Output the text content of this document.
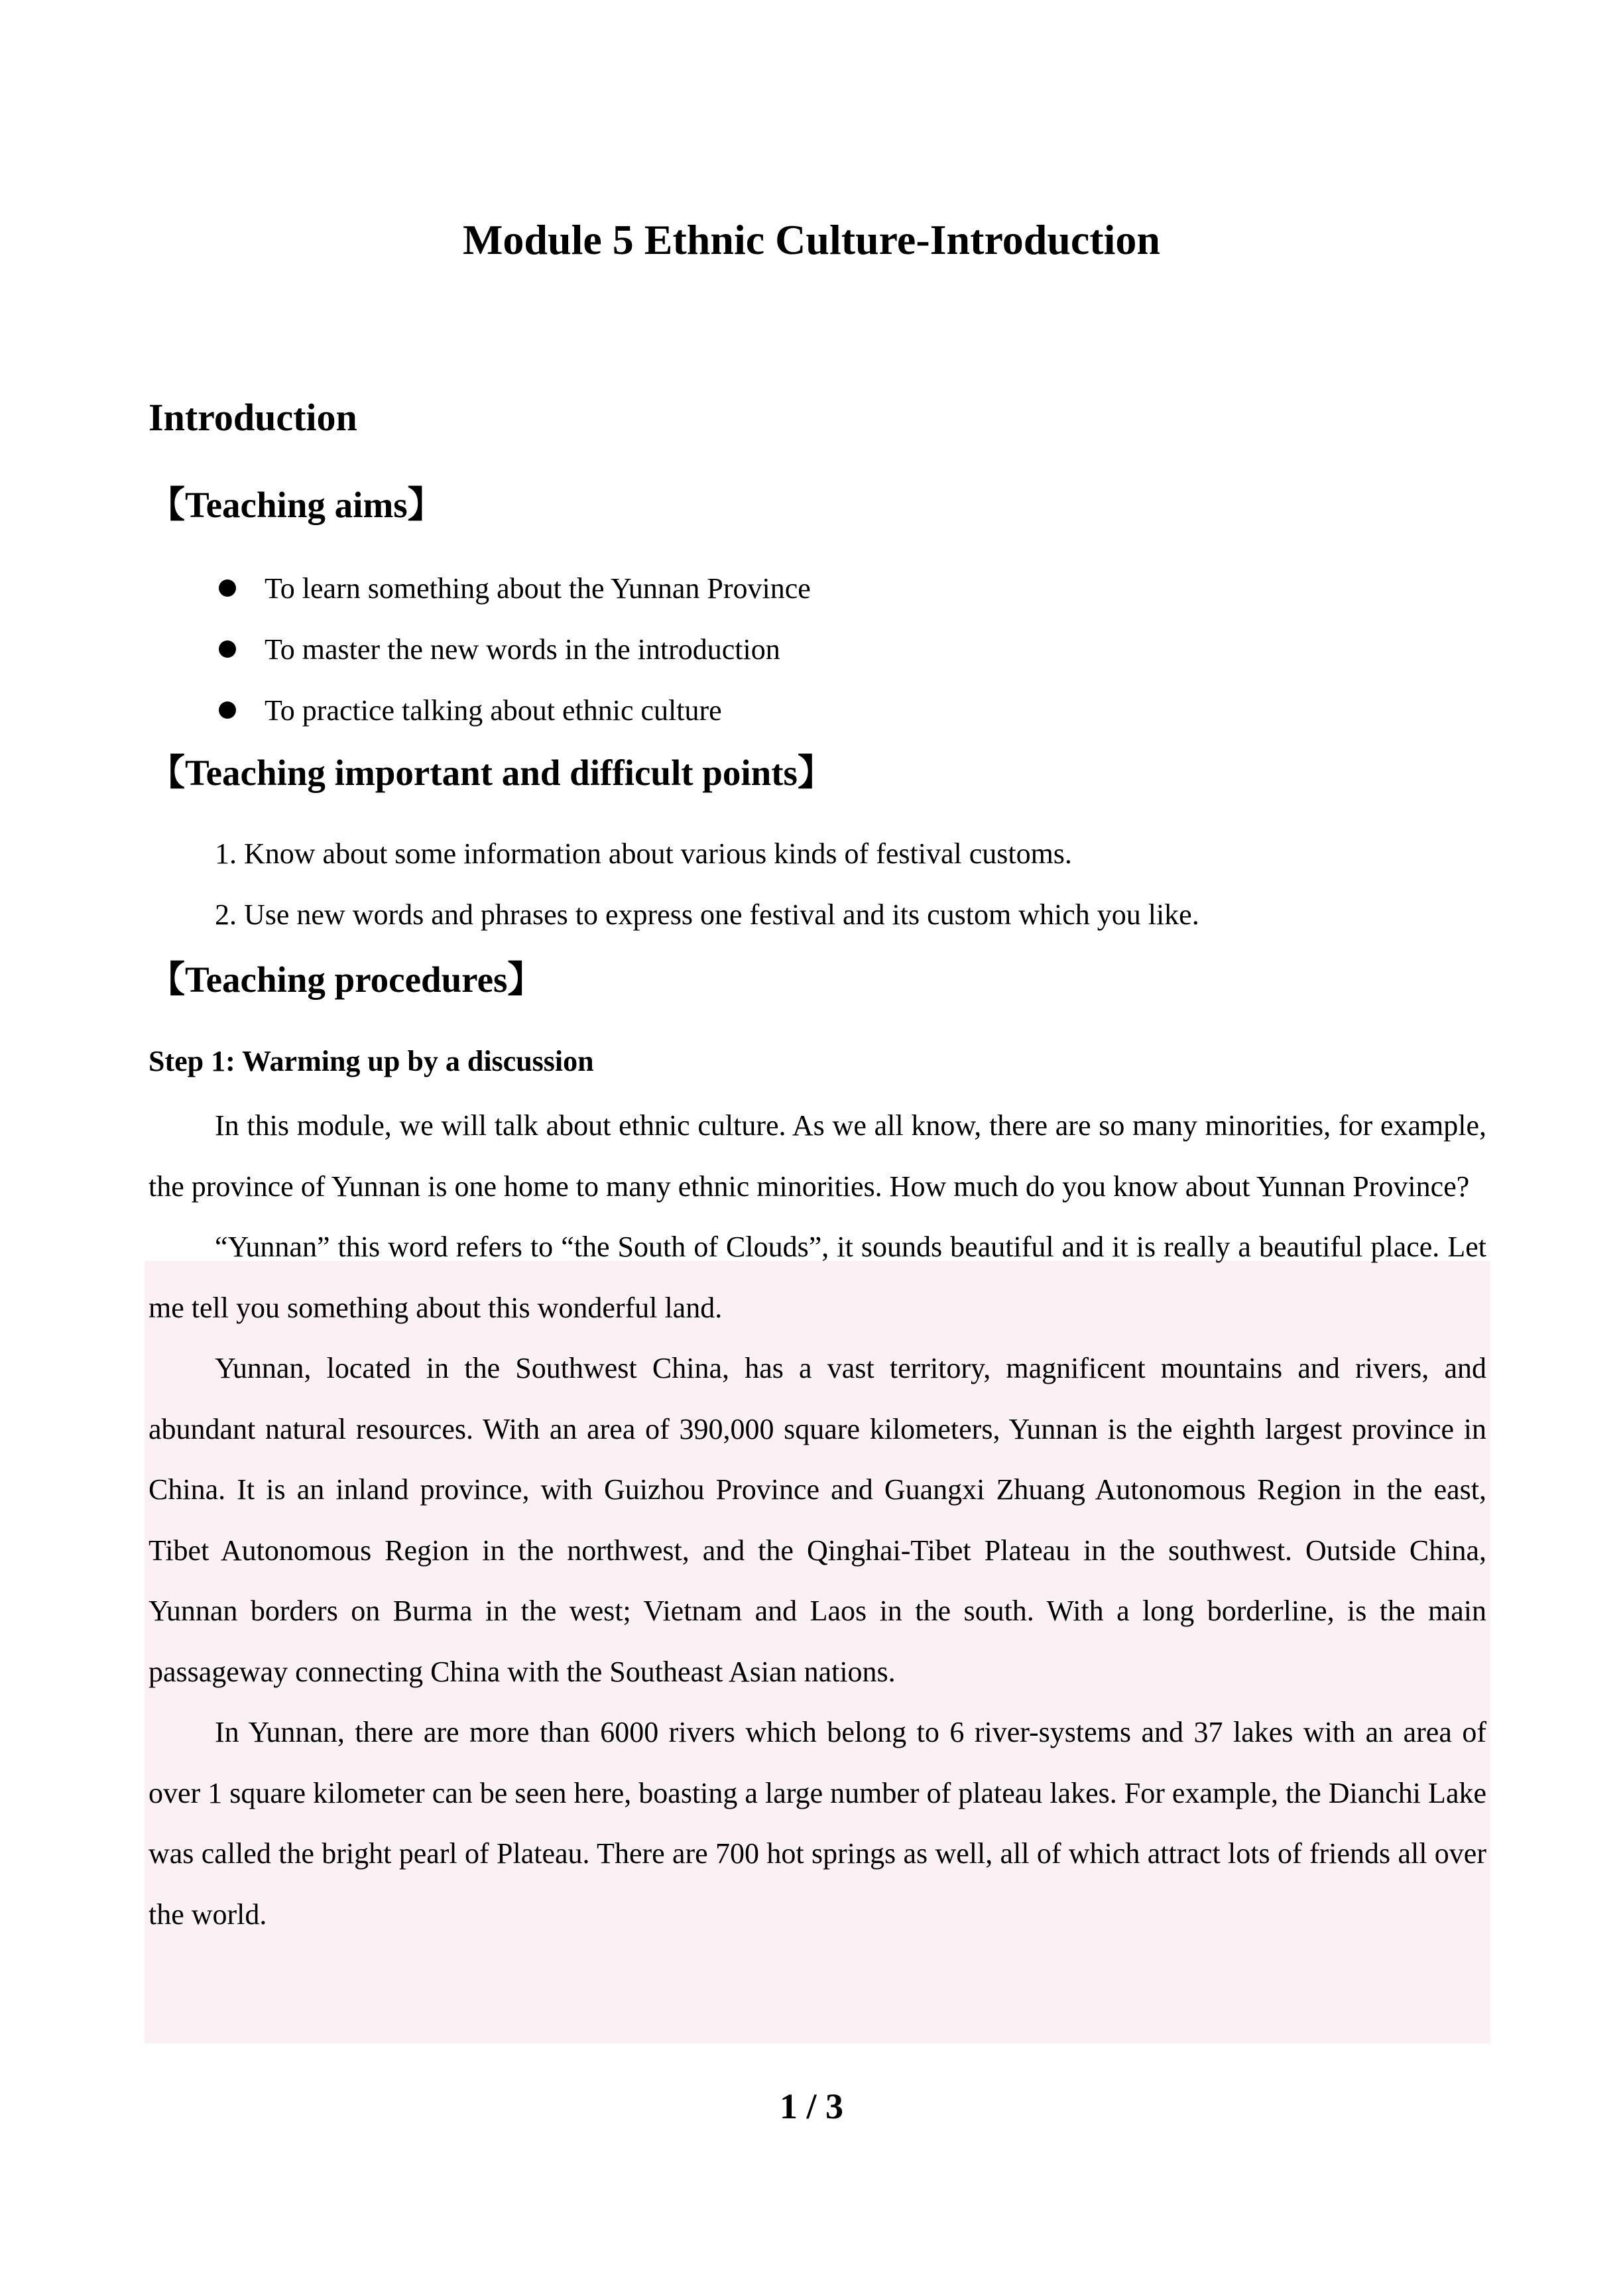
Module 5 Ethnic Culture-Introduction
Introduction
【Teaching aims】
To learn something about the Yunnan Province
To master the new words in the introduction
To practice talking about ethnic culture
【Teaching important and difficult points】
1. Know about some information about various kinds of festival customs.
2. Use new words and phrases to express one festival and its custom which you like.
【Teaching procedures】
Step 1: Warming up by a discussion

In this module, we will talk about ethnic culture. As we all know, there are so many minorities, for example, the province of Yunnan is one home to many ethnic minorities. How much do you know about Yunnan Province?

“Yunnan” this word refers to “the South of Clouds”, it sounds beautiful and it is really a beautiful place. Let me tell you something about this wonderful land.

Yunnan, located in the Southwest China, has a vast territory, magnificent mountains and rivers, and abundant natural resources. With an area of 390,000 square kilometers, Yunnan is the eighth largest province in China. It is an inland province, with Guizhou Province and Guangxi Zhuang Autonomous Region in the east, Tibet Autonomous Region in the northwest, and the Qinghai-Tibet Plateau in the southwest. Outside China, Yunnan borders on Burma in the west; Vietnam and Laos in the south. With a long borderline, is the main passageway connecting China with the Southeast Asian nations.

In Yunnan, there are more than 6000 rivers which belong to 6 river-systems and 37 lakes with an area of over 1 square kilometer can be seen here, boasting a large number of plateau lakes. For example, the Dianchi Lake was called the bright pearl of Plateau. There are 700 hot springs as well, all of which attract lots of friends all over the world.

1 / 3
